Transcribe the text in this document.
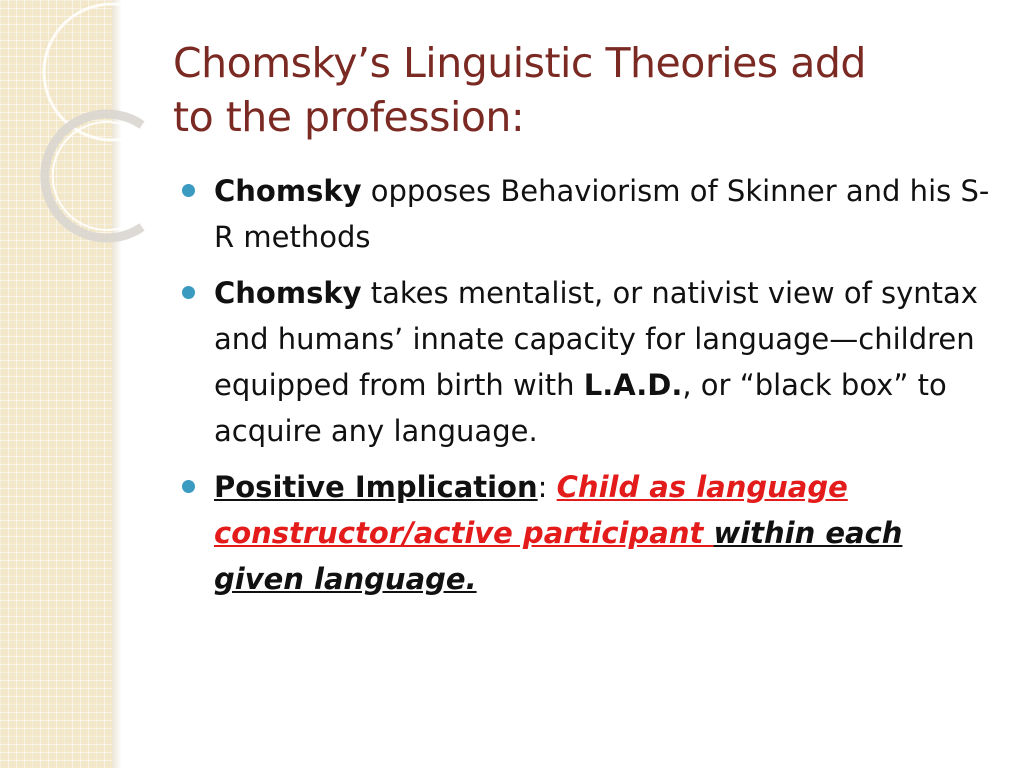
Chomsky’s Linguistic Theories add
to the profession:
Chomsky opposes Behaviorism of Skinner and his S-R methods
Chomsky takes mentalist, or nativist view of syntax and humans’ innate capacity for language—children equipped from birth with L.A.D., or “black box” to acquire any language.
Positive Implication: Child as language constructor/active participant within each given language.
